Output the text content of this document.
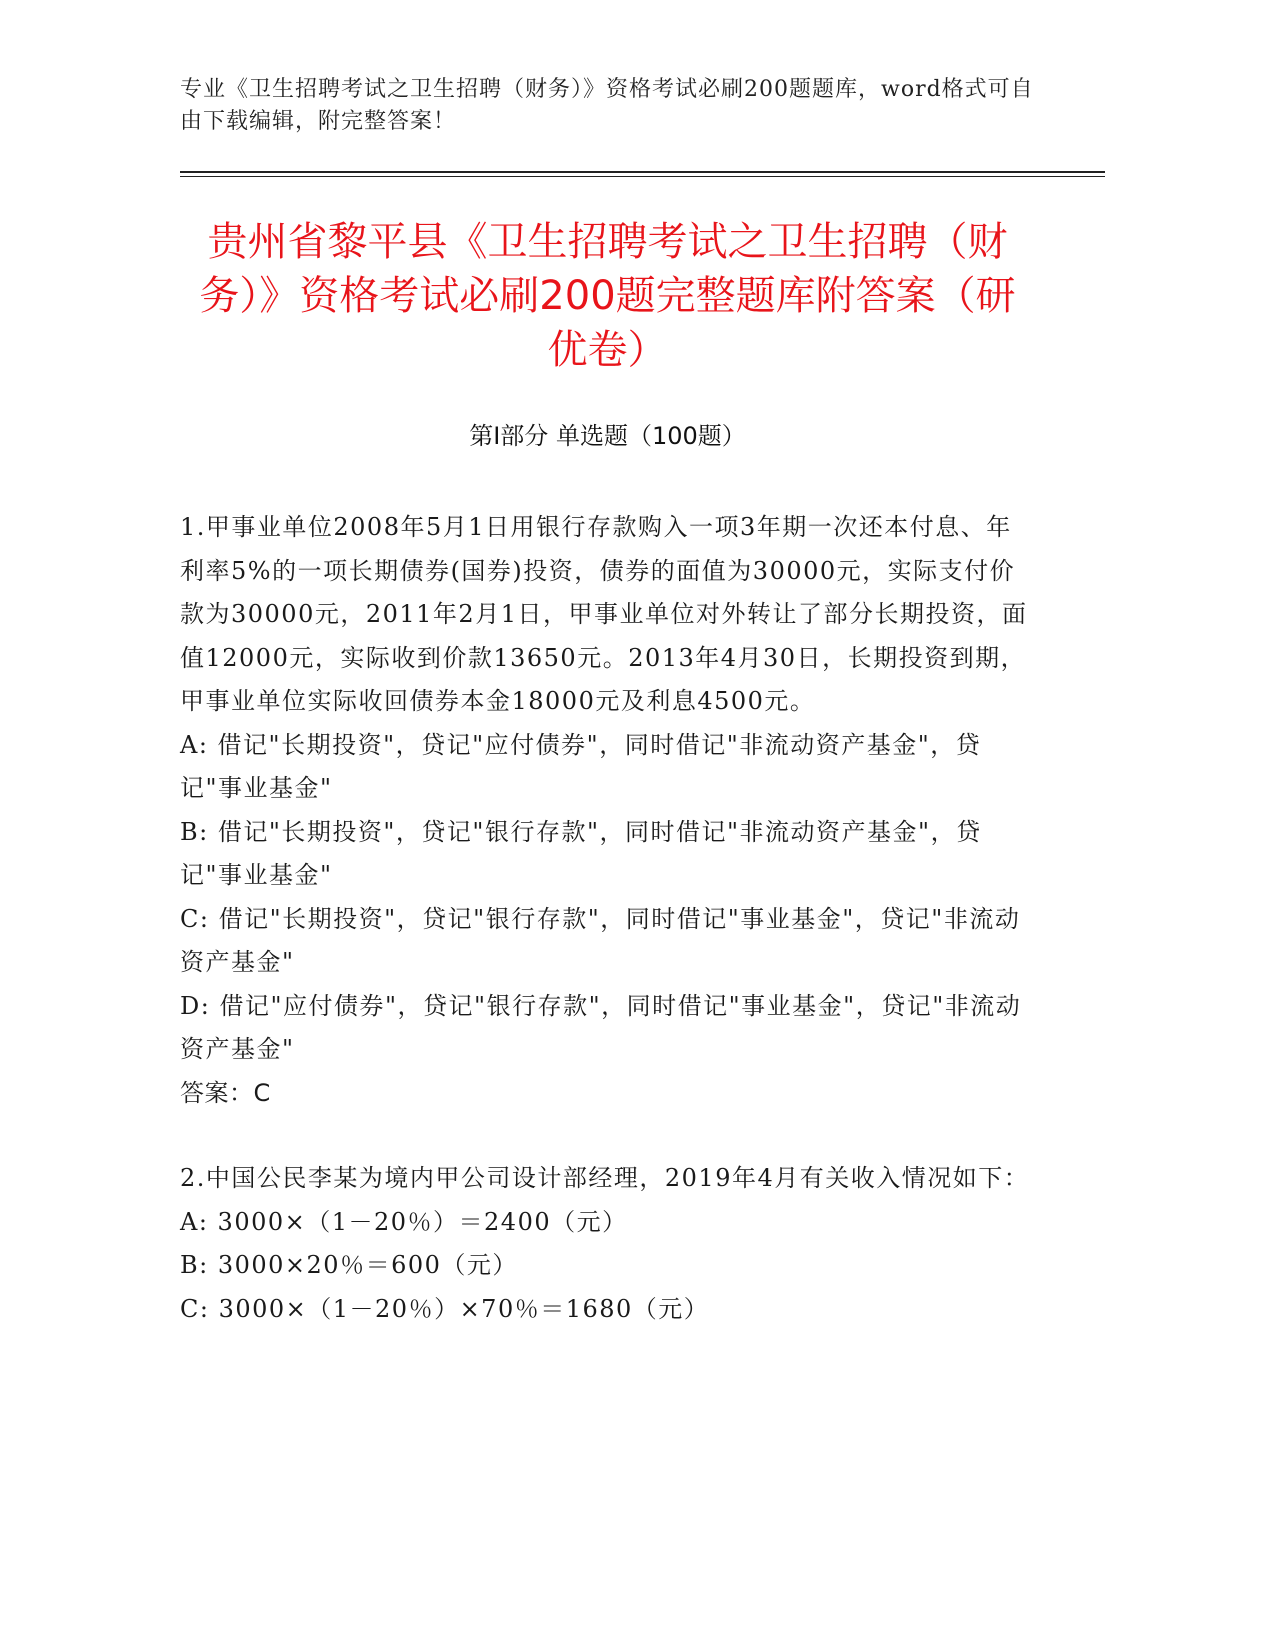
专业《卫生招聘考试之卫生招聘（财务）》资格考试必刷200题题库，word格式可自由下载编辑，附完整答案！
贵州省黎平县《卫生招聘考试之卫生招聘（财务）》资格考试必刷200题完整题库附答案（研优卷）
第Ⅰ部分 单选题（100题）

1.甲事业单位2008年5月1日用银行存款购入一项3年期一次还本付息、年利率5%的一项长期债券(国券)投资，债券的面值为30000元，实际支付价款为30000元，2011年2月1日，甲事业单位对外转让了部分长期投资，面值12000元，实际收到价款13650元。2013年4月30日，长期投资到期，甲事业单位实际收回债券本金18000元及利息4500元。

A: 借记"长期投资"，贷记"应付债券"，同时借记"非流动资产基金"，贷记"事业基金"

B: 借记"长期投资"，贷记"银行存款"，同时借记"非流动资产基金"，贷记"事业基金"

C: 借记"长期投资"，贷记"银行存款"，同时借记"事业基金"，贷记"非流动资产基金"

D: 借记"应付债券"，贷记"银行存款"，同时借记"事业基金"，贷记"非流动资产基金"

答案：C

2.中国公民李某为境内甲公司设计部经理，2019年4月有关收入情况如下：

A: 3000×（1－20％）＝2400（元）

B: 3000×20％＝600（元）

C: 3000×（1－20％）×70％＝1680（元）
